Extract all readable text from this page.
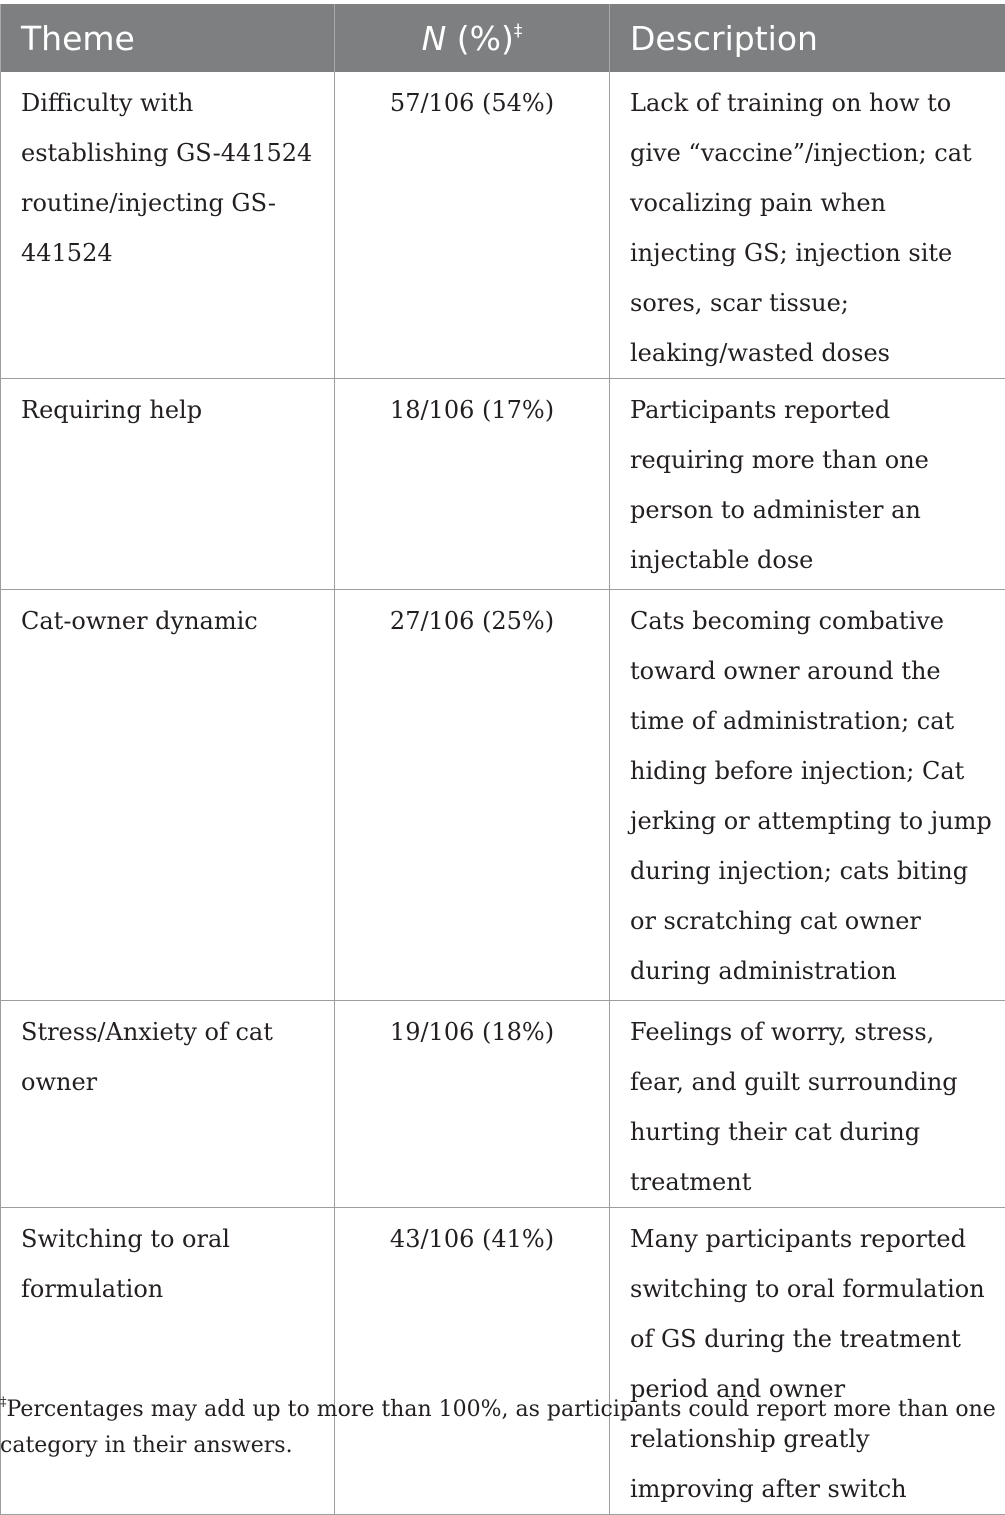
Theme	N (%)‡	Description
Difficulty with establishing GS-441524 routine/injecting GS-441524	57/106 (54%)	Lack of training on how to give “vaccine”/injection; cat vocalizing pain when injecting GS; injection site sores, scar tissue; leaking/wasted doses
Requiring help	18/106 (17%)	Participants reported requiring more than one person to administer an injectable dose
Cat-owner dynamic	27/106 (25%)	Cats becoming combative toward owner around the time of administration; cat hiding before injection; Cat jerking or attempting to jump during injection; cats biting or scratching cat owner during administration
Stress/Anxiety of cat owner	19/106 (18%)	Feelings of worry, stress, fear, and guilt surrounding hurting their cat during treatment
Switching to oral formulation	43/106 (41%)	Many participants reported switching to oral formulation of GS during the treatment period and owner relationship greatly improving after switch

‡Percentages may add up to more than 100%, as participants could report more than one category in their answers.
